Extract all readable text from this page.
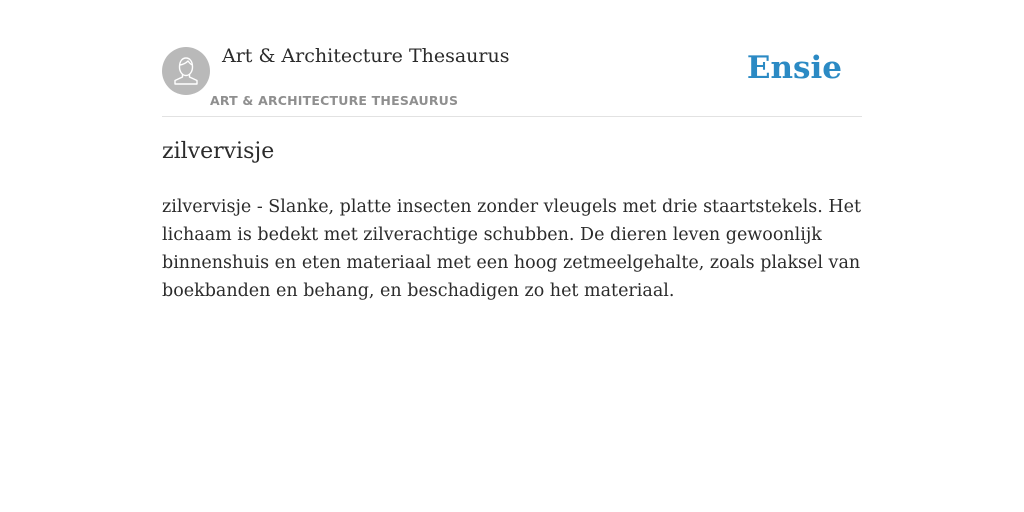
Art & Architecture Thesaurus
ART & ARCHITECTURE THESAURUS
Ensie
zilvervisje

zilvervisje - Slanke, platte insecten zonder vleugels met drie staartstekels. Het lichaam is bedekt met zilverachtige schubben. De dieren leven gewoonlijk binnenshuis en eten materiaal met een hoog zetmeelgehalte, zoals plaksel van boekbanden en behang, en beschadigen zo het materiaal.
